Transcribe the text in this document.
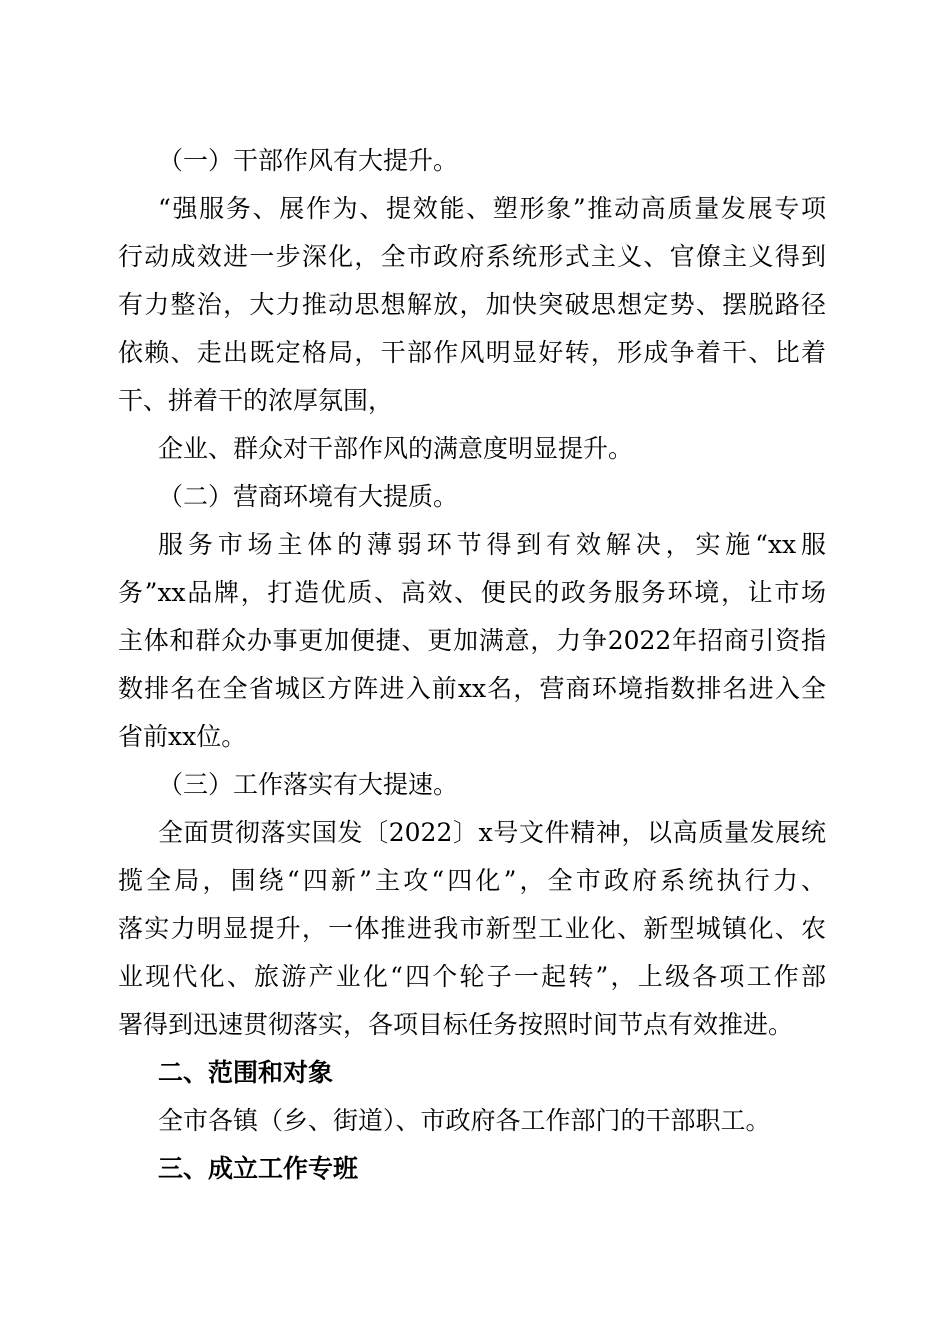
（一）干部作风有大提升。
“强服务、展作为、提效能、塑形象”推动高质量发展专项
行动成效进一步深化，全市政府系统形式主义、官僚主义得到
有力整治，大力推动思想解放，加快突破思想定势、摆脱路径
依赖、走出既定格局，干部作风明显好转，形成争着干、比着
干、拼着干的浓厚氛围，
企业、群众对干部作风的满意度明显提升。
（二）营商环境有大提质。
服务市场主体的薄弱环节得到有效解决，实施“xx服
务”xx品牌，打造优质、高效、便民的政务服务环境，让市场
主体和群众办事更加便捷、更加满意，力争2022年招商引资指
数排名在全省城区方阵进入前xx名，营商环境指数排名进入全
省前xx位。
（三）工作落实有大提速。
全面贯彻落实国发〔2022〕x号文件精神，以高质量发展统
揽全局，围绕“四新”主攻“四化”，全市政府系统执行力、
落实力明显提升，一体推进我市新型工业化、新型城镇化、农
业现代化、旅游产业化“四个轮子一起转”，上级各项工作部
署得到迅速贯彻落实，各项目标任务按照时间节点有效推进。
二、范围和对象
全市各镇（乡、街道）、市政府各工作部门的干部职工。
三、成立工作专班
